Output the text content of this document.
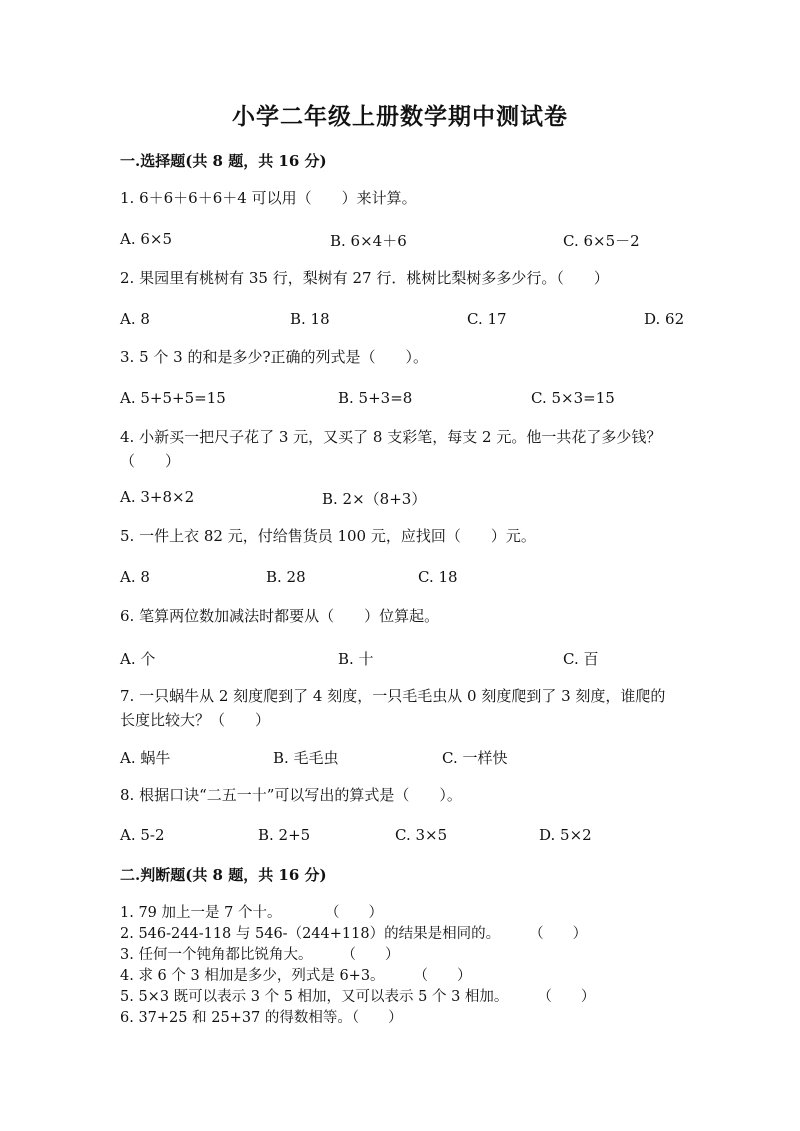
小学二年级上册数学期中测试卷
一.选择题(共 8 题，共 16 分)
1. 6＋6＋6＋6＋4 可以用（　　）来计算。
A. 6×5	B. 6×4＋6	C. 6×5－2
2. 果园里有桃树有 35 行，梨树有 27 行．桃树比梨树多多少行。（　　）
A. 8	B. 18	C. 17	D. 62
3. 5 个 3 的和是多少?正确的列式是（　　）。
A. 5+5+5=15	B. 5+3=8	C. 5×3=15
4. 小新买一把尺子花了 3 元，又买了 8 支彩笔，每支 2 元。他一共花了多少钱？（　　）
A. 3+8×2	B. 2×（8+3）
5. 一件上衣 82 元，付给售货员 100 元，应找回（　　）元。
A. 8	B. 28	C. 18
6. 笔算两位数加减法时都要从（　　）位算起。
A. 个	B. 十	C. 百
7. 一只蜗牛从 2 刻度爬到了 4 刻度，一只毛毛虫从 0 刻度爬到了 3 刻度，谁爬的长度比较大？（　　）
A. 蜗牛	B. 毛毛虫	C. 一样快
8. 根据口诀“二五一十”可以写出的算式是（　　）。
A. 5-2	B. 2+5	C. 3×5	D. 5×2
二.判断题(共 8 题，共 16 分)
1. 79 加上一是 7 个十。　　　　（　　）
2. 546-244-118 与 546-（244+118）的结果是相同的。　　　（　　）
3. 任何一个钝角都比锐角大。　　　（　　）
4. 求 6 个 3 相加是多少，列式是 6+3。　　　（　　）
5. 5×3 既可以表示 3 个 5 相加，又可以表示 5 个 3 相加。　　　（　　）
6. 37+25 和 25+37 的得数相等。（　　）
